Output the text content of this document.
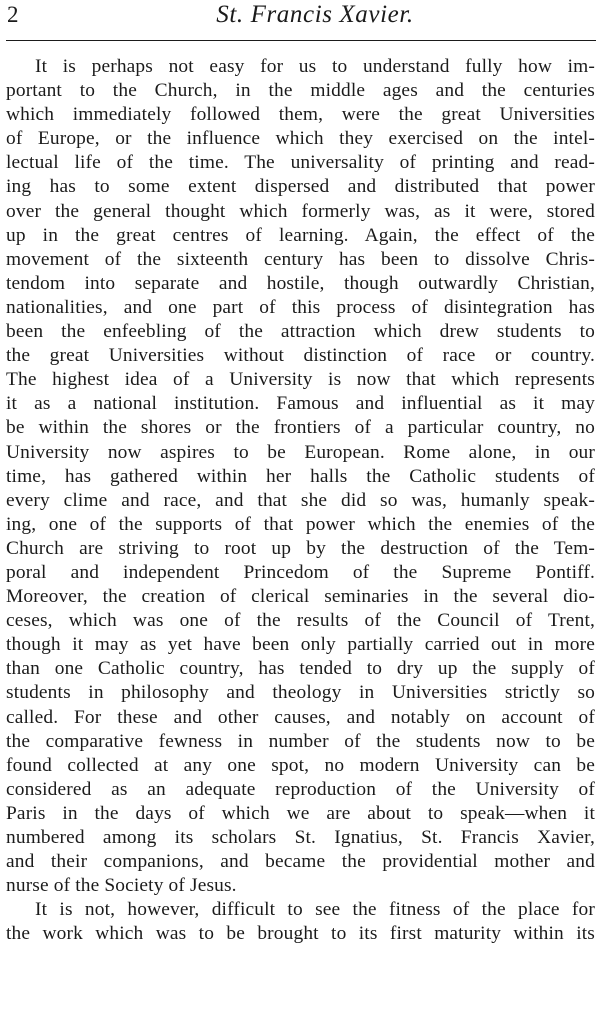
2	St. Francis Xavier.
It is perhaps not easy for us to understand fully how im-
portant to the Church, in the middle ages and the centuries
which immediately followed them, were the great Universities
of Europe, or the influence which they exercised on the intel-
lectual life of the time. The universality of printing and read-
ing has to some extent dispersed and distributed that power
over the general thought which formerly was, as it were, stored
up in the great centres of learning. Again, the effect of the
movement of the sixteenth century has been to dissolve Chris-
tendom into separate and hostile, though outwardly Christian,
nationalities, and one part of this process of disintegration has
been the enfeebling of the attraction which drew students to
the great Universities without distinction of race or country.
The highest idea of a University is now that which represents
it as a national institution. Famous and influential as it may
be within the shores or the frontiers of a particular country, no
University now aspires to be European. Rome alone, in our
time, has gathered within her halls the Catholic students of
every clime and race, and that she did so was, humanly speak-
ing, one of the supports of that power which the enemies of the
Church are striving to root up by the destruction of the Tem-
poral and independent Princedom of the Supreme Pontiff.
Moreover, the creation of clerical seminaries in the several dio-
ceses, which was one of the results of the Council of Trent,
though it may as yet have been only partially carried out in more
than one Catholic country, has tended to dry up the supply of
students in philosophy and theology in Universities strictly so
called. For these and other causes, and notably on account of
the comparative fewness in number of the students now to be
found collected at any one spot, no modern University can be
considered as an adequate reproduction of the University of
Paris in the days of which we are about to speak—when it
numbered among its scholars St. Ignatius, St. Francis Xavier,
and their companions, and became the providential mother and
nurse of the Society of Jesus.
It is not, however, difficult to see the fitness of the place for
the work which was to be brought to its first maturity within its
